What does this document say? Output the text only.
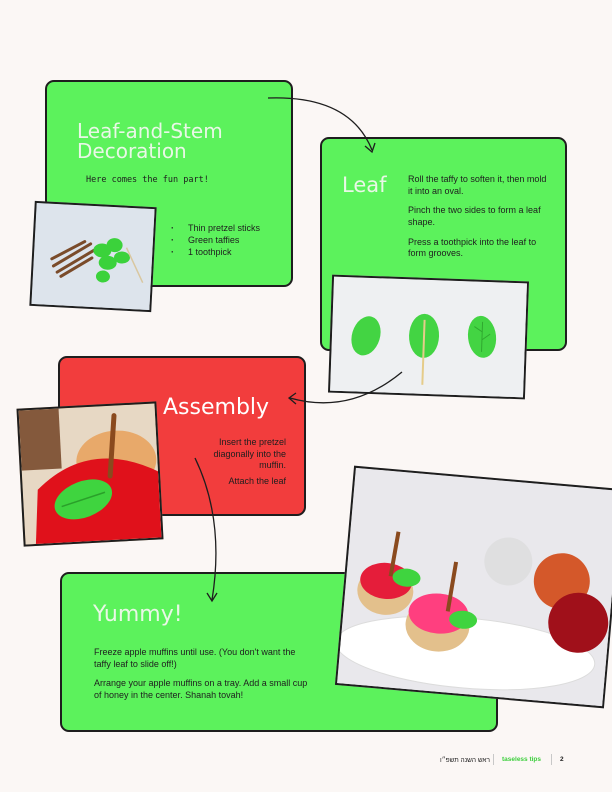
Leaf-and-Stem
Decoration
Here comes the fun part!
· Thin pretzel sticks
· Green taffies
· 1 toothpick
Leaf Roll the taffy to soften it, then mold it into an oval.

Pinch the two sides to form a leaf shape.

Press a toothpick into the leaf to form grooves.

Assembly
Insert the pretzel diagonally into the muffin.
Attach the leaf
Yummy!

Freeze apple muffins until use. (You don't want the taffy leaf to slide off!)

Arrange your apple muffins on a tray. Add a small cup of honey in the center. Shanah tovah!

ראש השנה תשפ״ו taseless tips	2
